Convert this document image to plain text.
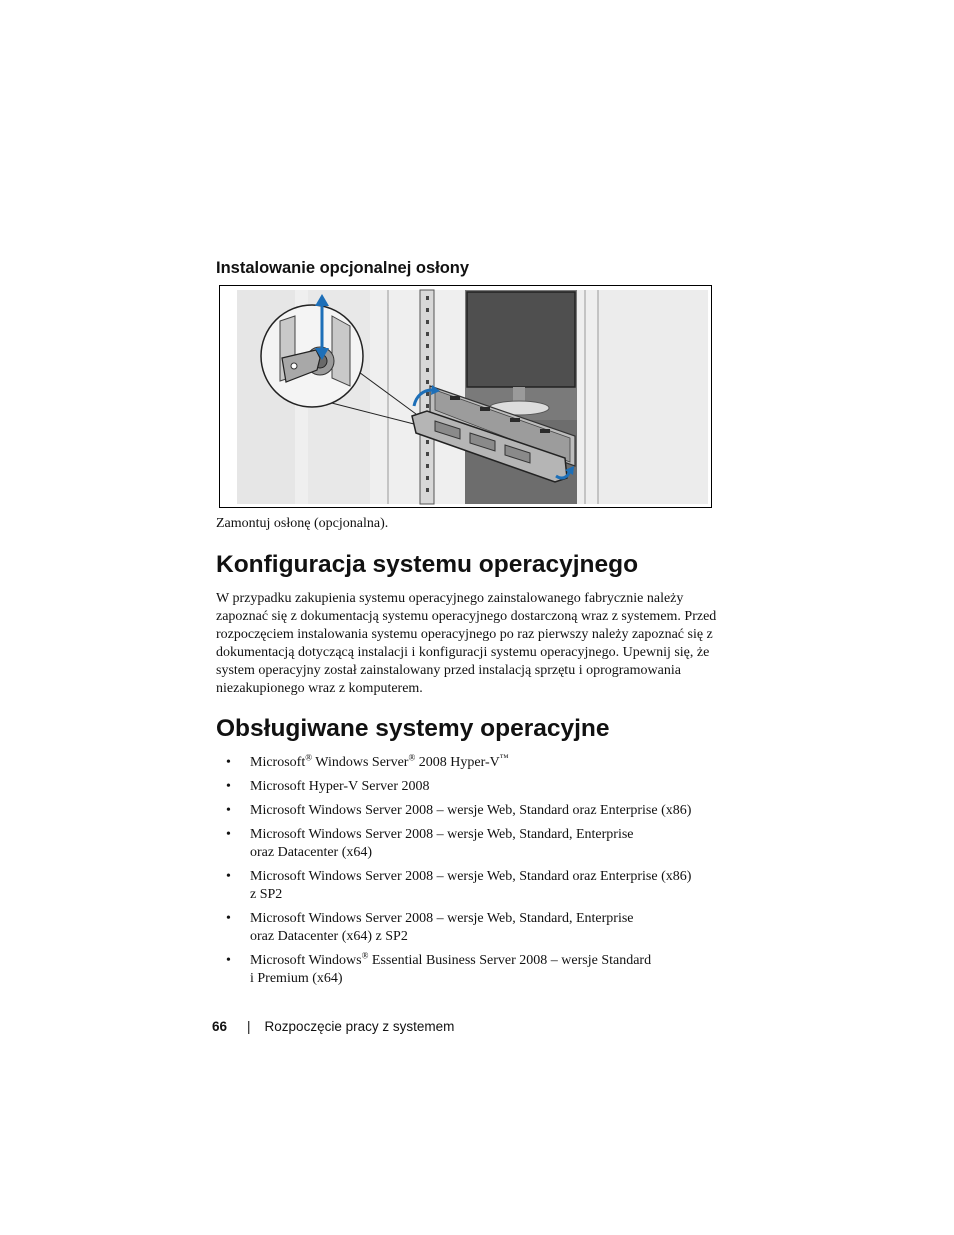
Instalowanie opcjonalnej osłony

Zamontuj osłonę (opcjonalna).

Konfiguracja systemu operacyjnego

W przypadku zakupienia systemu operacyjnego zainstalowanego fabrycznie należy zapoznać się z dokumentacją systemu operacyjnego dostarczoną wraz z systemem. Przed rozpoczęciem instalowania systemu operacyjnego po raz pierwszy należy zapoznać się z dokumentacją dotyczącą instalacji i konfiguracji systemu operacyjnego. Upewnij się, że system operacyjny został zainstalowany przed instalacją sprzętu i oprogramowania niezakupionego wraz z komputerem.

Obsługiwane systemy operacyjne
• Microsoft® Windows Server® 2008 Hyper-V™
• Microsoft Hyper-V Server 2008
• Microsoft Windows Server 2008 – wersje Web, Standard oraz Enterprise (x86)
• Microsoft Windows Server 2008 – wersje Web, Standard, Enterprise
oraz Datacenter (x64)
• Microsoft Windows Server 2008 – wersje Web, Standard oraz Enterprise (x86)
z SP2
• Microsoft Windows Server 2008 – wersje Web, Standard, Enterprise
oraz Datacenter (x64) z SP2
• Microsoft Windows® Essential Business Server 2008 – wersje Standard
i Premium (x64)
66 | Rozpoczęcie pracy z systemem
